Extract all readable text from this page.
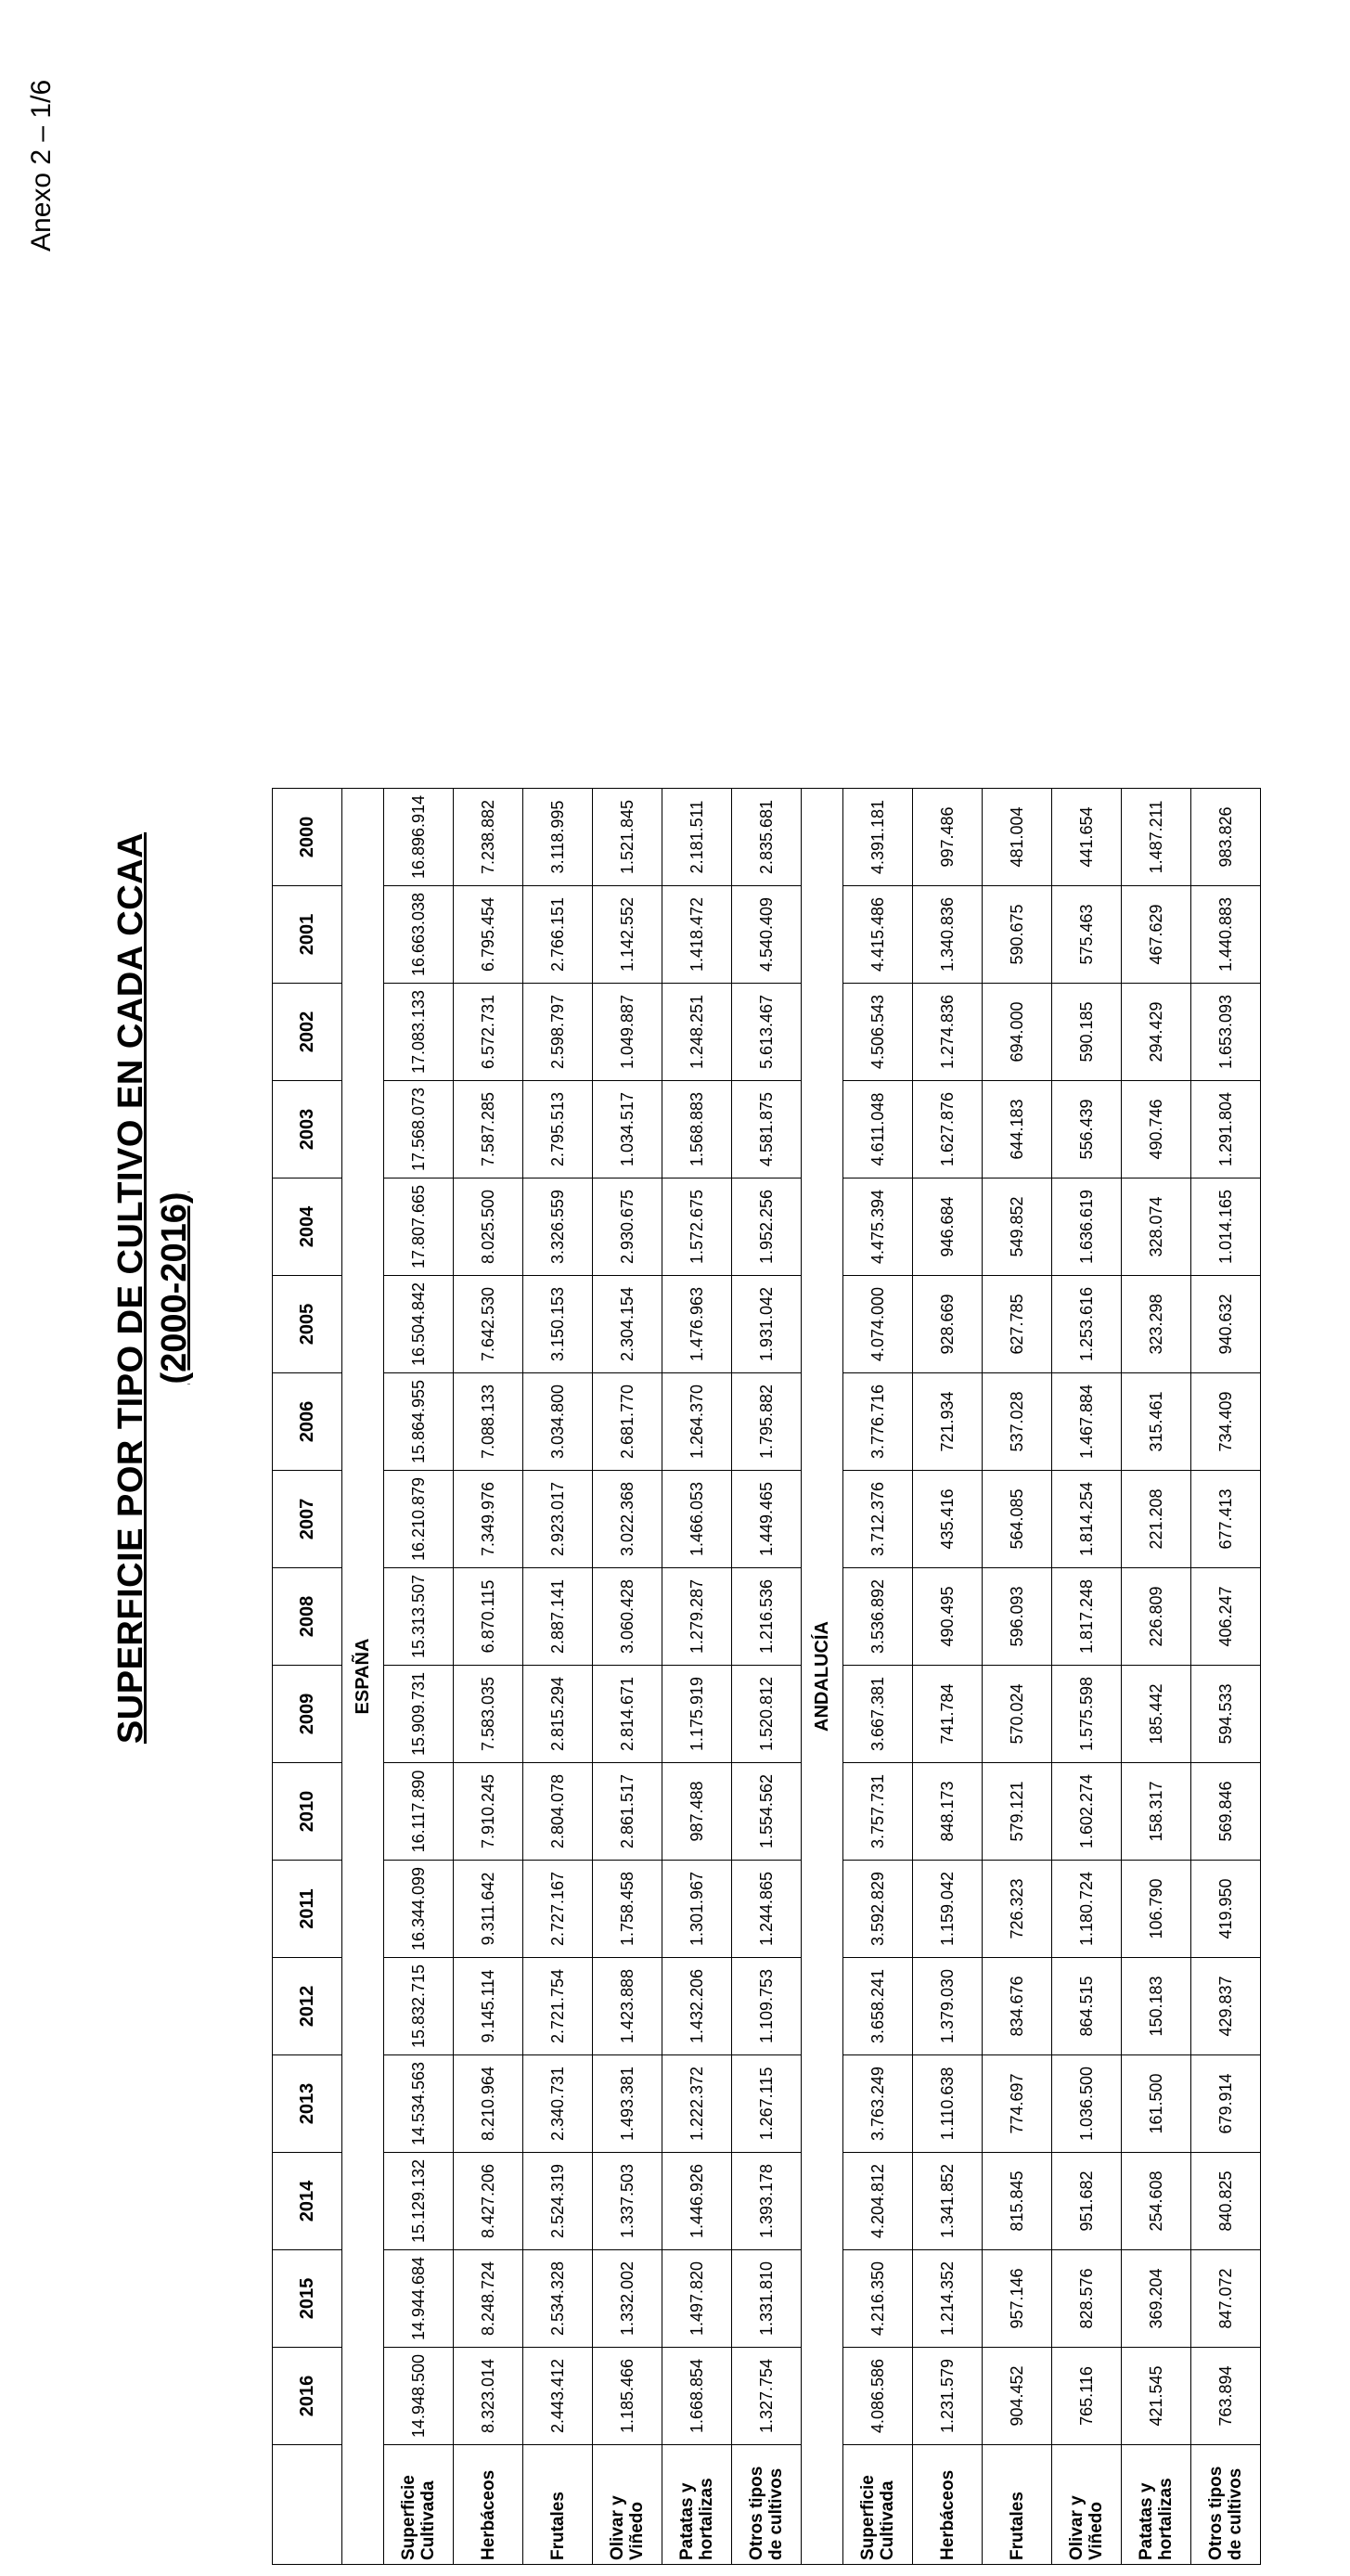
Anexo 2 – 1/6
SUPERFICIE POR TIPO DE CULTIVO EN CADA CCAA (2000-2016)
	2016	2015	2014	2013	2012	2011	2010	2009	2008	2007	2006	2005	2004	2003	2002	2001	2000
ESPAÑA																	
Superficie Cultivada	14.948.500	14.944.684	15.129.132	14.534.563	15.832.715	16.344.099	16.117.890	15.909.731	15.313.507	16.210.879	15.864.955	16.504.842	17.807.665	17.568.073	17.083.133	16.663.038	16.896.914
Herbáceos	8.323.014	8.248.724	8.427.206	8.210.964	9.145.114	9.311.642	7.910.245	7.583.035	6.870.115	7.349.976	7.088.133	7.642.530	8.025.500	7.587.285	6.572.731	6.795.454	7.238.882
Frutales	2.443.412	2.534.328	2.524.319	2.340.731	2.721.754	2.727.167	2.804.078	2.815.294	2.887.141	2.923.017	3.034.800	3.150.153	3.326.559	2.795.513	2.598.797	2.766.151	3.118.995
Olivar y Viñedo	1.185.466	1.332.002	1.337.503	1.493.381	1.423.888	1.758.458	2.861.517	2.814.671	3.060.428	3.022.368	2.681.770	2.304.154	2.930.675	1.034.517	1.049.887	1.142.552	1.521.845
Patatas y hortalizas	1.668.854	1.497.820	1.446.926	1.222.372	1.432.206	1.301.967	987.488	1.175.919	1.279.287	1.466.053	1.264.370	1.476.963	1.572.675	1.568.883	1.248.251	1.418.472	2.181.511
Otros tipos de cultivos	1.327.754	1.331.810	1.393.178	1.267.115	1.109.753	1.244.865	1.554.562	1.520.812	1.216.536	1.449.465	1.795.882	1.931.042	1.952.256	4.581.875	5.613.467	4.540.409	2.835.681
ANDALUCÍA																	
Superficie Cultivada	4.086.586	4.216.350	4.204.812	3.763.249	3.658.241	3.592.829	3.757.731	3.667.381	3.536.892	3.712.376	3.776.716	4.074.000	4.475.394	4.611.048	4.506.543	4.415.486	4.391.181
Herbáceos	1.231.579	1.214.352	1.341.852	1.110.638	1.379.030	1.159.042	848.173	741.784	490.495	435.416	721.934	928.669	946.684	1.627.876	1.274.836	1.340.836	997.486
Frutales	904.452	957.146	815.845	774.697	834.676	726.323	579.121	570.024	596.093	564.085	537.028	627.785	549.852	644.183	694.000	590.675	481.004
Olivar y Viñedo	765.116	828.576	951.682	1.036.500	864.515	1.180.724	1.602.274	1.575.598	1.817.248	1.814.254	1.467.884	1.253.616	1.636.619	556.439	590.185	575.463	441.654
Patatas y hortalizas	421.545	369.204	254.608	161.500	150.183	106.790	158.317	185.442	226.809	221.208	315.461	323.298	328.074	490.746	294.429	467.629	1.487.211
Otros tipos de cultivos	763.894	847.072	840.825	679.914	429.837	419.950	569.846	594.533	406.247	677.413	734.409	940.632	1.014.165	1.291.804	1.653.093	1.440.883	983.826
